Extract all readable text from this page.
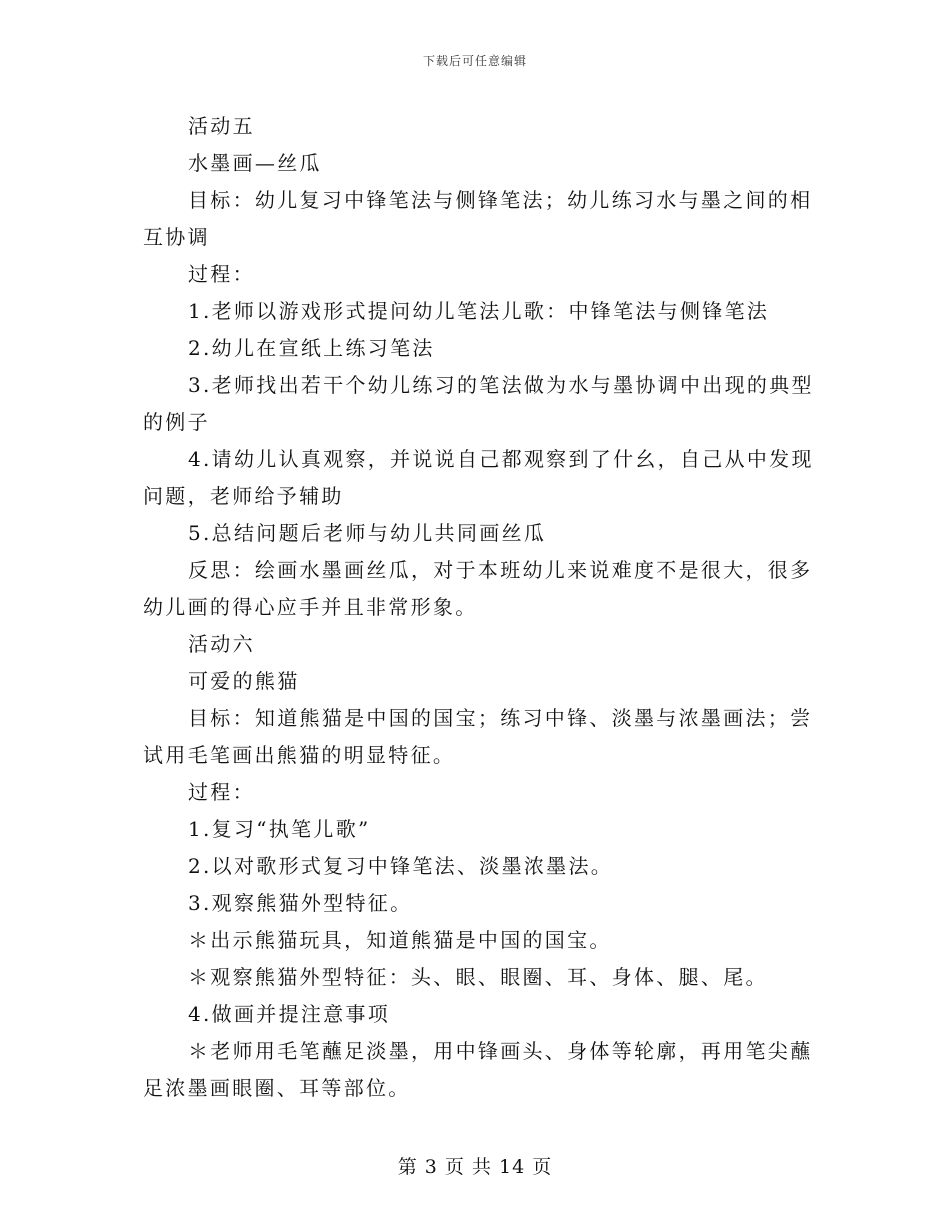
下载后可任意编辑
活动五
水墨画—丝瓜
目标：幼儿复习中锋笔法与侧锋笔法；幼儿练习水与墨之间的相
互协调
过程：
1.老师以游戏形式提问幼儿笔法儿歌：中锋笔法与侧锋笔法
2.幼儿在宣纸上练习笔法
3.老师找出若干个幼儿练习的笔法做为水与墨协调中出现的典型
的例子
4.请幼儿认真观察，并说说自己都观察到了什幺，自己从中发现
问题，老师给予辅助
5.总结问题后老师与幼儿共同画丝瓜
反思：绘画水墨画丝瓜，对于本班幼儿来说难度不是很大，很多
幼儿画的得心应手并且非常形象。
活动六
可爱的熊猫
目标：知道熊猫是中国的国宝；练习中锋、淡墨与浓墨画法；尝
试用毛笔画出熊猫的明显特征。
过程：
1.复习“执笔儿歌”
2.以对歌形式复习中锋笔法、淡墨浓墨法。
3.观察熊猫外型特征。
＊出示熊猫玩具，知道熊猫是中国的国宝。
＊观察熊猫外型特征：头、眼、眼圈、耳、身体、腿、尾。
4.做画并提注意事项
＊老师用毛笔蘸足淡墨，用中锋画头、身体等轮廓，再用笔尖蘸
足浓墨画眼圈、耳等部位。
第 3 页 共 14 页
